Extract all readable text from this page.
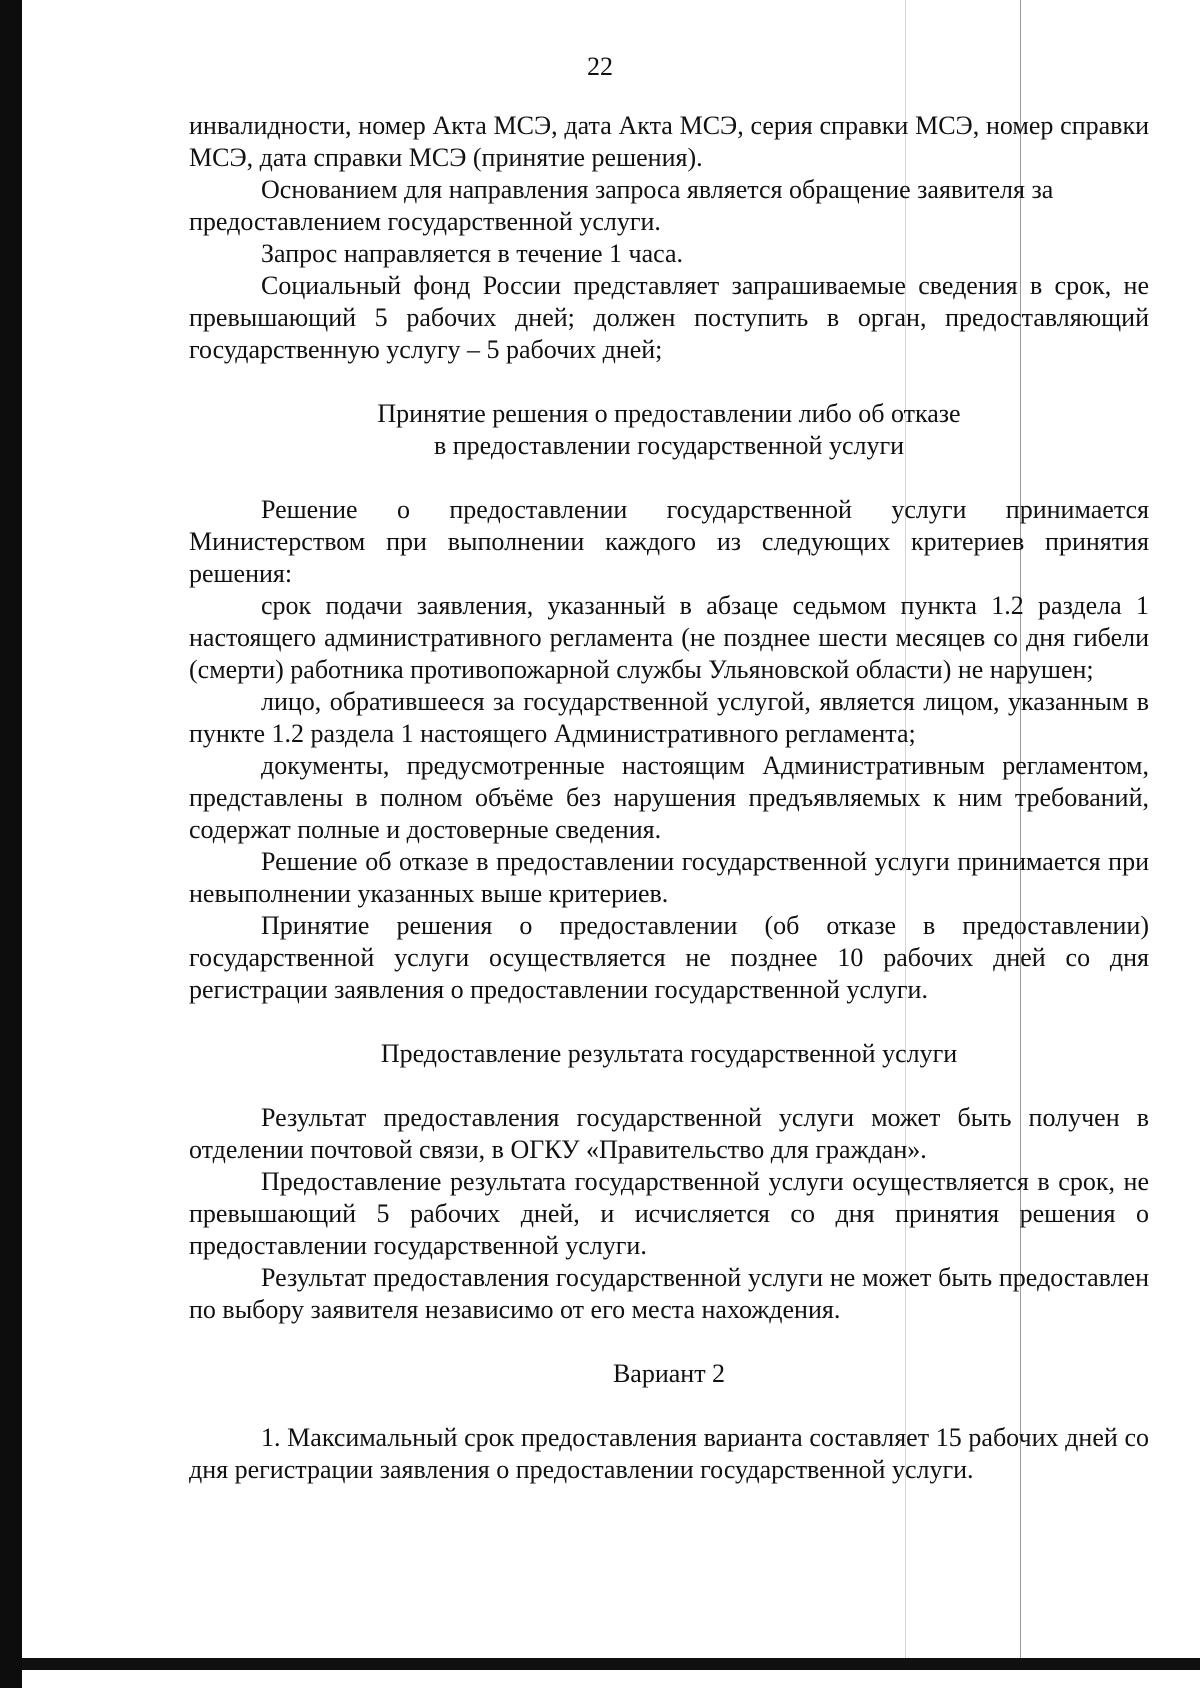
22

инвалидности, номер Акта МСЭ, дата Акта МСЭ, серия справки МСЭ, номер справки МСЭ, дата справки МСЭ (принятие решения).

Основанием для направления запроса является обращение заявителя за предоставлением государственной услуги.

Запрос направляется в течение 1 часа.

Социальный фонд России представляет запрашиваемые сведения в срок, не превышающий 5 рабочих дней; должен поступить в орган, предоставляющий государственную услугу – 5 рабочих дней;

Принятие решения о предоставлении либо об отказе

в предоставлении государственной услуги

Решение о предоставлении государственной услуги принимается Министерством при выполнении каждого из следующих критериев принятия решения:

срок подачи заявления, указанный в абзаце седьмом пункта 1.2 раздела 1 настоящего административного регламента (не позднее шести месяцев со дня гибели (смерти) работника противопожарной службы Ульяновской области) не нарушен;

лицо, обратившееся за государственной услугой, является лицом, указанным в пункте 1.2 раздела 1 настоящего Административного регламента;

документы, предусмотренные настоящим Административным регламентом, представлены в полном объёме без нарушения предъявляемых к ним требований, содержат полные и достоверные сведения.

Решение об отказе в предоставлении государственной услуги принимается при невыполнении указанных выше критериев.

Принятие решения о предоставлении (об отказе в предоставлении) государственной услуги осуществляется не позднее 10 рабочих дней со дня регистрации заявления о предоставлении государственной услуги.

Предоставление результата государственной услуги

Результат предоставления государственной услуги может быть получен в отделении почтовой связи, в ОГКУ «Правительство для граждан».

Предоставление результата государственной услуги осуществляется в срок, не превышающий 5 рабочих дней, и исчисляется со дня принятия решения о предоставлении государственной услуги.

Результат предоставления государственной услуги не может быть предоставлен по выбору заявителя независимо от его места нахождения.

Вариант 2

1. Максимальный срок предоставления варианта составляет 15 рабочих дней со дня регистрации заявления о предоставлении государственной услуги.
